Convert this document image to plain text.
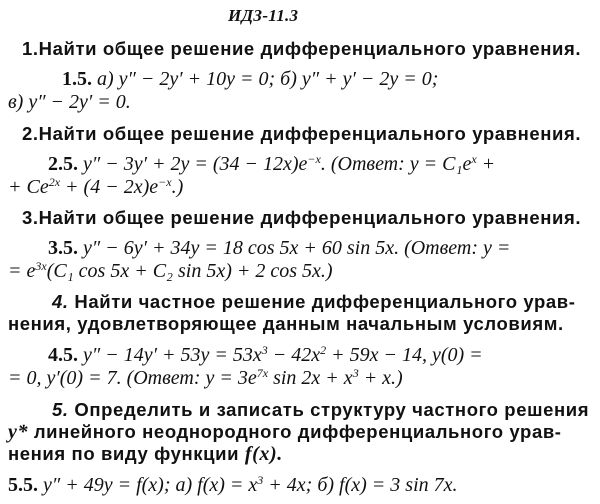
ИДЗ-11.3
1.Найти общее решение дифференциального уравнения.
1.5. а) y″ − 2y′ + 10y = 0; б) y″ + y′ − 2y = 0;
в) y″ − 2y′ = 0.
2.Найти общее решение дифференциального уравнения.
2.5. $y'' - 3y' + 2y = (34 - 12x)e^{-x}$. (Ответ: $y = C_1e^x$ +
+ $Ce^{2x} + (4 - 2x)e^{-x}$.)
3.Найти общее решение дифференциального уравнения.
3.5. y″ − 6y′ + 34y = 18 cos 5x + 60 sin 5x. (Ответ: y =
= $e^{3x}(C_1$ cos 5x + C₂ sin 5x) + 2 cos 5x.)
4. Найти частное решение дифференциального урав-
нения, удовлетворяющее данным начальным условиям.
4.5. $y'' - 14y' + 53y = 53x^3 - 42x^2 + 59x - 14$, y(0) =
= 0, y′(0) = 7. (Ответ: $y = 3e^{7x}$ $\sin 2x + x^3 + x$.)
5. Определить и записать структуру частного решения
y* линейного неоднородного дифференциального урав-
нения по виду функции f(x).
5.5. y″ + 49y = f(x); а) $f(x) = x^3 + 4x$; б) f(x) = 3 sin 7x.
